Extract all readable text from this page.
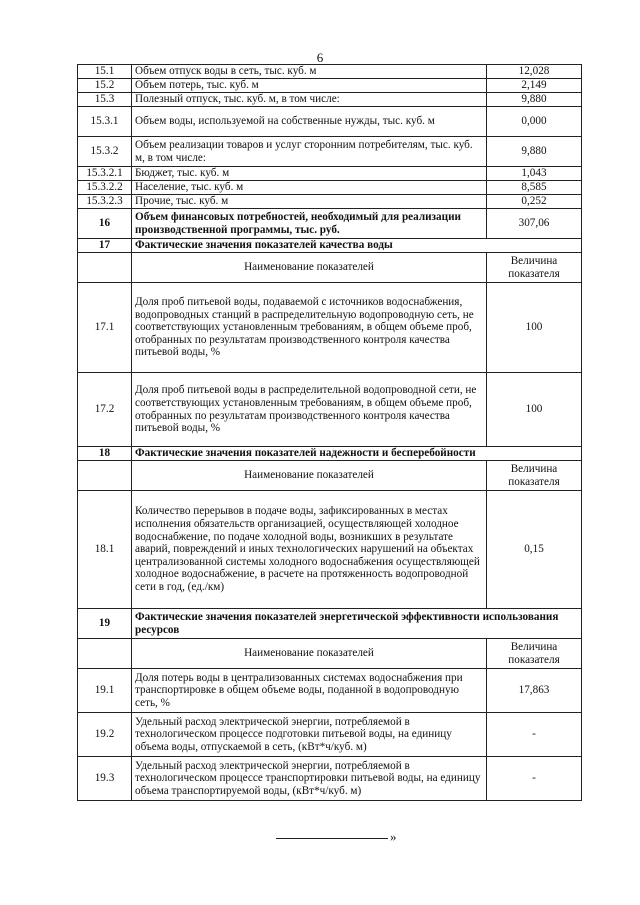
6
15.1	Объем отпуск воды в сеть, тыс. куб. м	12,028
15.2	Объем потерь, тыс. куб. м	2,149
15.3	Полезный отпуск, тыс. куб. м, в том числе:	9,880
15.3.1	Объем воды, используемой на собственные нужды, тыс. куб. м	0,000
15.3.2	Объем реализации товаров и услуг сторонним потребителям, тыс. куб. м, в том числе:	9,880
15.3.2.1	Бюджет, тыс. куб. м	1,043
15.3.2.2	Население, тыс. куб. м	8,585
15.3.2.3	Прочие, тыс. куб. м	0,252
16	Объем финансовых потребностей, необходимый для реализации производственной программы, тыс. руб.	307,06
17	Фактические значения показателей качества воды	
	Наименование показателей	Величина показателя
17.1	Доля проб питьевой воды, подаваемой с источников водоснабжения, водопроводных станций в распределительную водопроводную сеть, не соответствующих установленным требованиям, в общем объеме проб, отобранных по результатам производственного контроля качества питьевой воды, %	100
17.2	Доля проб питьевой воды в распределительной водопроводной сети, не соответствующих установленным требованиям, в общем объеме проб, отобранных по результатам производственного контроля качества питьевой воды, %	100
18	Фактические значения показателей надежности и бесперебойности	
	Наименование показателей	Величина показателя
18.1	Количество перерывов в подаче воды, зафиксированных в местах исполнения обязательств организацией, осуществляющей холодное водоснабжение, по подаче холодной воды, возникших в результате аварий, повреждений и иных технологических нарушений на объектах централизованной системы холодного водоснабжения осуществляющей холодное водоснабжение, в расчете на протяженность водопроводной сети в год, (ед./км)	0,15
19	Фактические значения показателей энергетической эффективности использования ресурсов	
	Наименование показателей	Величина показателя
19.1	Доля потерь воды в централизованных системах водоснабжения при транспортировке в общем объеме воды, поданной в водопроводную сеть, %	17,863
19.2	Удельный расход электрической энергии, потребляемой в технологическом процессе подготовки питьевой воды, на единицу объема воды, отпускаемой в сеть, (кВт*ч/куб. м)	-
19.3	Удельный расход электрической энергии, потребляемой в технологическом процессе транспортировки питьевой воды, на единицу объема транспортируемой воды, (кВт*ч/куб. м)	-
»
